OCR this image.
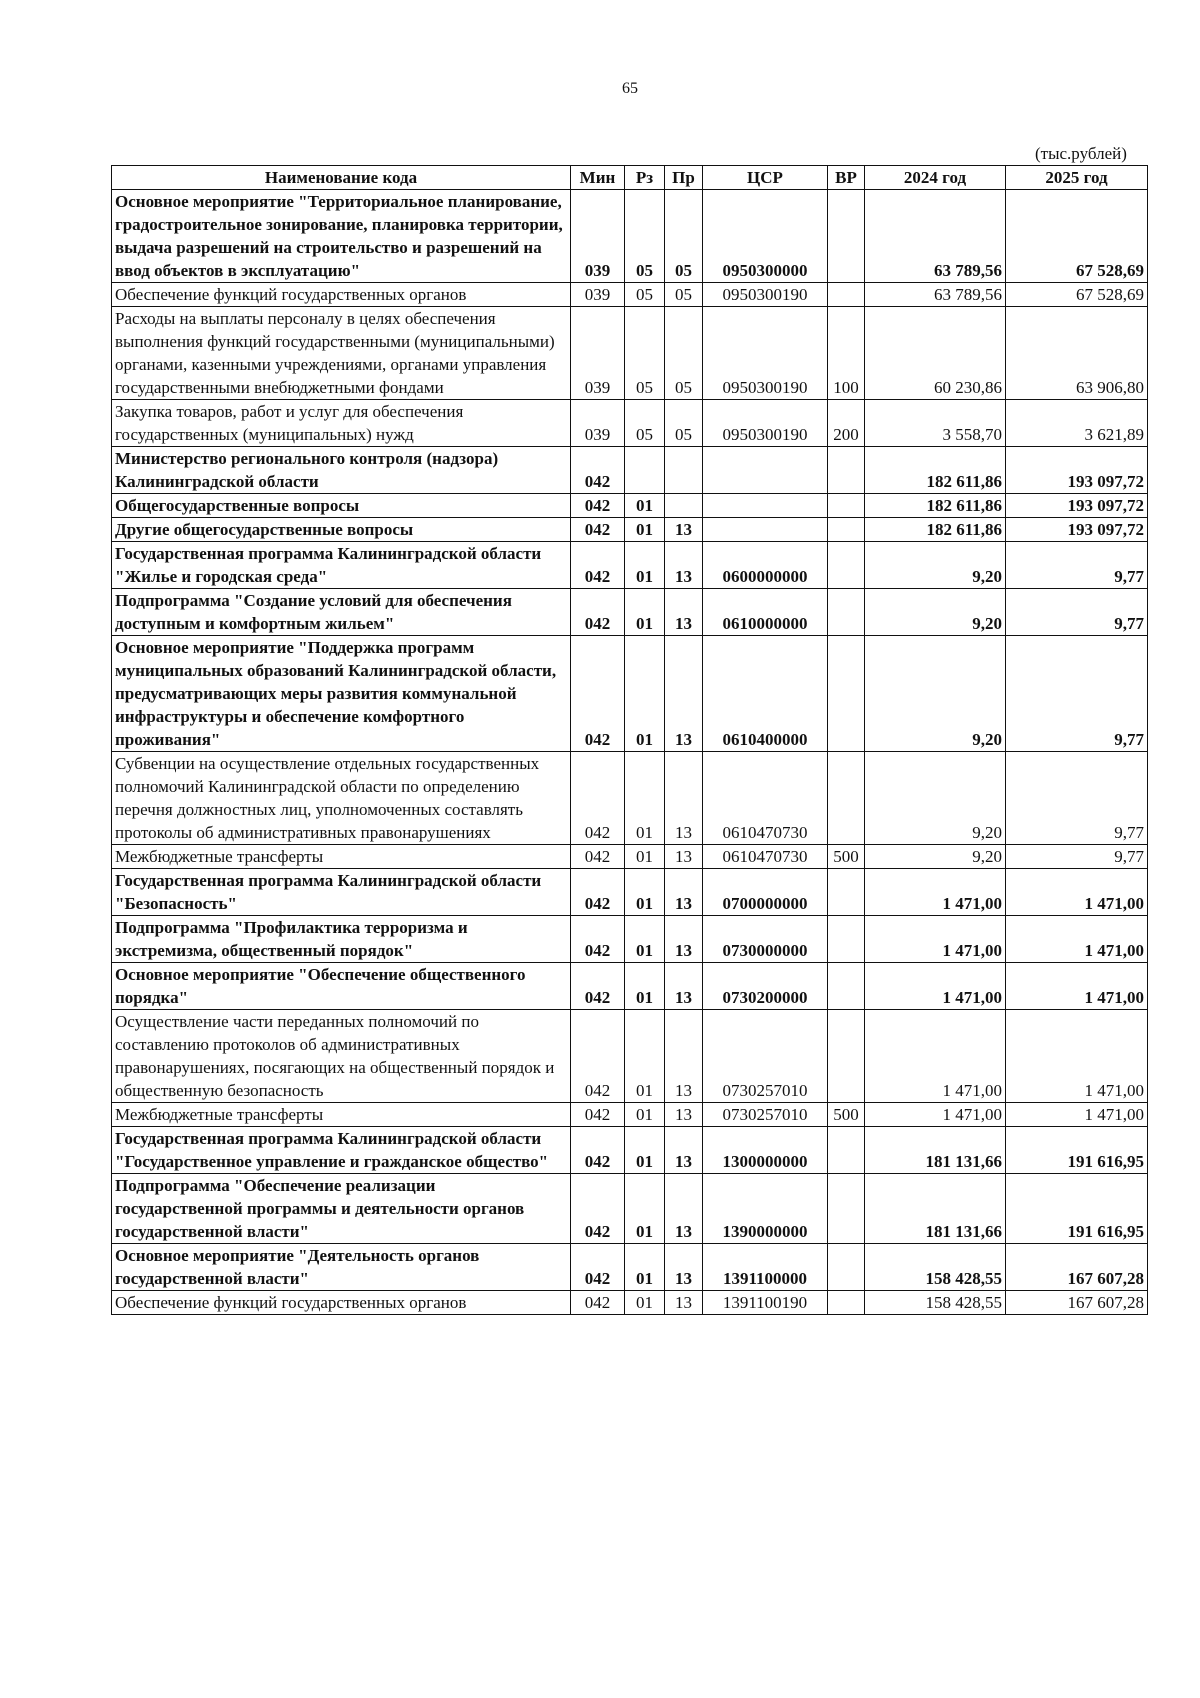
65
(тыс.рублей)
Наименование кода	Мин	Рз	Пр	ЦСР	ВР	2024 год	2025 год
Основное мероприятие "Территориальное планирование, градостроительное зонирование, планировка территории, выдача разрешений на строительство и разрешений на ввод объектов в эксплуатацию"	039	05	05	0950300000		63 789,56	67 528,69
Обеспечение функций государственных органов	039	05	05	0950300190		63 789,56	67 528,69
Расходы на выплаты персоналу в целях обеспечения выполнения функций государственными (муниципальными) органами, казенными учреждениями, органами управления государственными внебюджетными фондами	039	05	05	0950300190	100	60 230,86	63 906,80
Закупка товаров, работ и услуг для обеспечения государственных (муниципальных) нужд	039	05	05	0950300190	200	3 558,70	3 621,89
Министерство регионального контроля (надзора) Калининградской области	042					182 611,86	193 097,72
Общегосударственные вопросы	042	01				182 611,86	193 097,72
Другие общегосударственные вопросы	042	01	13			182 611,86	193 097,72
Государственная программа Калининградской области "Жилье и городская среда"	042	01	13	0600000000		9,20	9,77
Подпрограмма "Создание условий для обеспечения доступным и комфортным жильем"	042	01	13	0610000000		9,20	9,77
Основное мероприятие "Поддержка программ муниципальных образований Калининградской области, предусматривающих меры развития коммунальной инфраструктуры и обеспечение комфортного проживания"	042	01	13	0610400000		9,20	9,77
Субвенции на осуществление отдельных государственных полномочий Калининградской области по определению перечня должностных лиц, уполномоченных составлять протоколы об административных правонарушениях	042	01	13	0610470730		9,20	9,77
Межбюджетные трансферты	042	01	13	0610470730	500	9,20	9,77
Государственная программа Калининградской области "Безопасность"	042	01	13	0700000000		1 471,00	1 471,00
Подпрограмма "Профилактика терроризма и экстремизма, общественный порядок"	042	01	13	0730000000		1 471,00	1 471,00
Основное мероприятие "Обеспечение общественного порядка"	042	01	13	0730200000		1 471,00	1 471,00
Осуществление части переданных полномочий по составлению протоколов об административных правонарушениях, посягающих на общественный порядок и общественную безопасность	042	01	13	0730257010		1 471,00	1 471,00
Межбюджетные трансферты	042	01	13	0730257010	500	1 471,00	1 471,00
Государственная программа Калининградской области "Государственное управление и гражданское общество"	042	01	13	1300000000		181 131,66	191 616,95
Подпрограмма "Обеспечение реализации государственной программы и деятельности органов государственной власти"	042	01	13	1390000000		181 131,66	191 616,95
Основное мероприятие "Деятельность органов государственной власти"	042	01	13	1391100000		158 428,55	167 607,28
Обеспечение функций государственных органов	042	01	13	1391100190		158 428,55	167 607,28
